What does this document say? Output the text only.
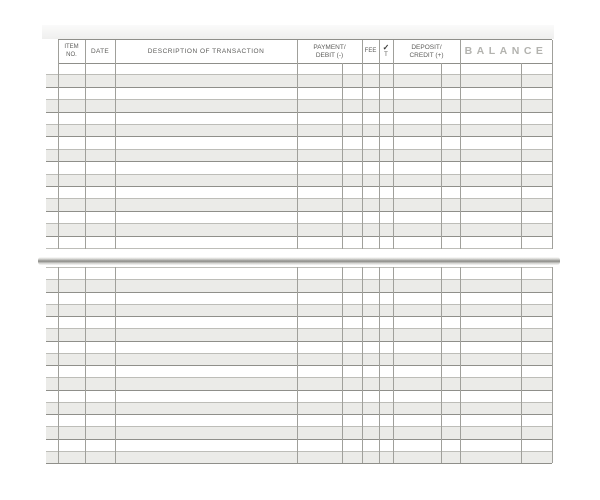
ITEM
NO. DATE	DESCRIPTION OF TRANSACTION
PAYMENT/
DEBIT (-)
FEE ✓
T
DEPOSIT/
CREDIT (+) BALANCE
